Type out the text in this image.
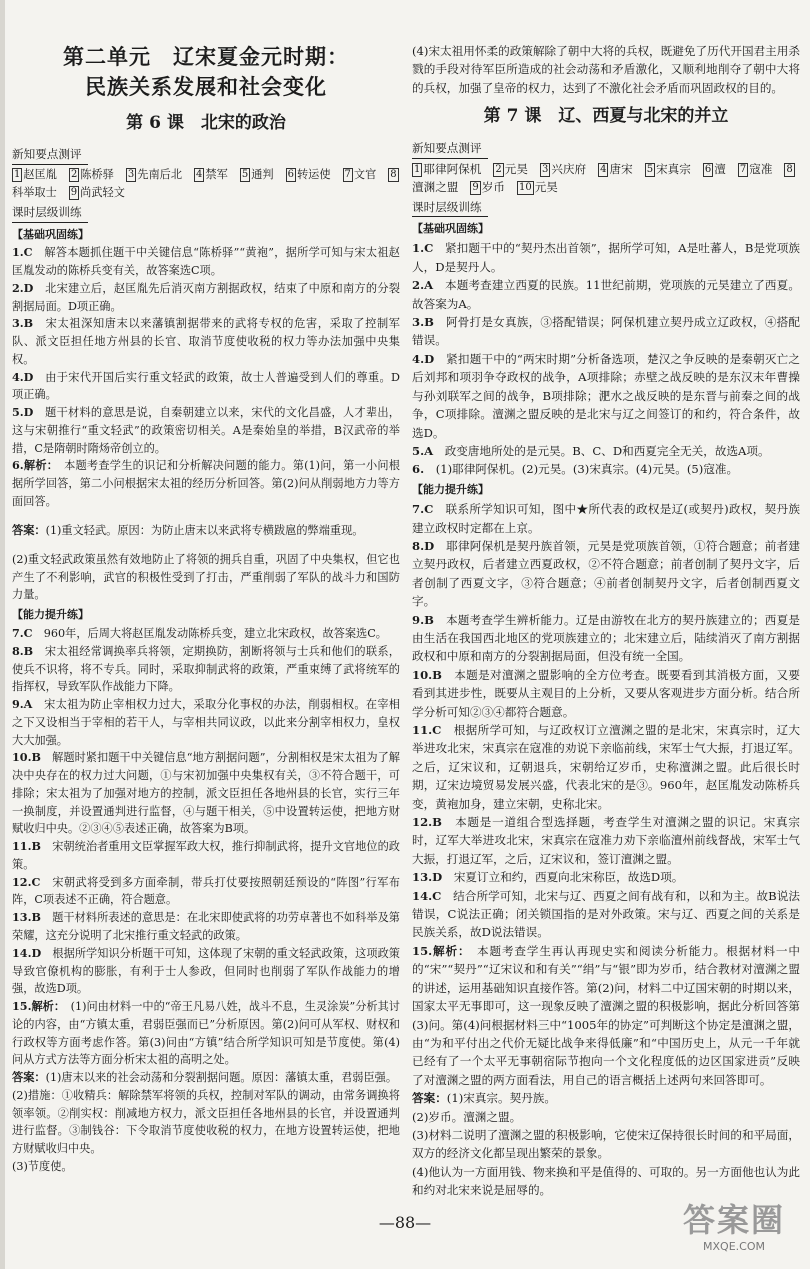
第二单元　辽宋夏金元时期：
民族关系发展和社会变化
第 6 课　北宋的政治
新知要点测评
1 赵匡胤 2 陈桥驿 3 先南后北 4 禁军 5 通判 6 转运使 7 文官 8科举取士 9 尚武轻文
课时层级训练
【基础巩固练】

1.C　解答本题抓住题干中关键信息“陈桥驿”“黄袍”，据所学可知与宋太祖赵匡胤发动的陈桥兵变有关，故答案选C项。

2.D　北宋建立后，赵匡胤先后消灭南方割据政权，结束了中原和南方的分裂割据局面。D项正确。

3.B　宋太祖深知唐末以来藩镇割据带来的武将专权的危害，采取了控制军队、派文臣担任地方州县的长官、取消节度使收税的权力等办法加强中央集权。

4.D　由于宋代开国后实行重文轻武的政策，故士人普遍受到人们的尊重。D项正确。

5.D　题干材料的意思是说，自秦朝建立以来，宋代的文化昌盛，人才辈出，这与宋朝推行“重文轻武”的政策密切相关。A是秦始皇的举措，B汉武帝的举措，C是隋朝时隋炀帝创立的。

6.解析：　本题考查学生的识记和分析解决问题的能力。第(1)问，第一小问根据所学回答，第二小问根据宋太祖的经历分析回答。第(2)问从削弱地方力等方面回答。

答案：(1)重文轻武。原因：为防止唐末以来武将专横跋扈的弊端重现。

(2)重文轻武政策虽然有效地防止了将领的拥兵自重，巩固了中央集权，但它也产生了不利影响，武官的积极性受到了打击，严重削弱了军队的战斗力和国防力量。

【能力提升练】

7.C　960年，后周大将赵匡胤发动陈桥兵变，建立北宋政权，故答案选C。

8.B　宋太祖经常调换率兵将领，定期换防，割断将领与士兵和他们的联系，使兵不识将，将不专兵。同时，采取抑制武将的政策，严重束缚了武将统军的指挥权，导致军队作战能力下降。

9.A　宋太祖为防止宰相权力过大，采取分化事权的办法，削弱相权。在宰相之下又设相当于宰相的若干人，与宰相共同议政，以此来分割宰相权力，皇权大大加强。

10.B　解题时紧扣题干中关键信息“地方割据问题”，分割相权是宋太祖为了解决中央存在的权力过大问题，①与宋初加强中央集权有关，③不符合题干，可排除；宋太祖为了加强对地方的控制，派文臣担任各地州县的长官，实行三年一换制度，并设置通判进行监督，④与题干相关，⑤中设置转运使，把地方财赋收归中央。②③④⑤表述正确，故答案为B项。

11.B　宋朝统治者重用文臣掌握军政大权，推行抑制武将，提升文官地位的政策。

12.C　宋朝武将受到多方面牵制，带兵打仗要按照朝廷预设的“阵图”行军布阵，C项表述不正确，符合题意。

13.B　题干材料所表述的意思是：在北宋即使武将的功劳卓著也不如科举及第荣耀，这充分说明了北宋推行重文轻武的政策。

14.D　根据所学知识分析题干可知，这体现了宋朝的重文轻武政策，这项政策导致官僚机构的膨胀，有利于士人参政，但同时也削弱了军队作战能力的增强，故选D项。

15.解析：　(1)问由材料一中的“帝王凡易八姓，战斗不息，生灵涂炭”分析其讨论的内容，由“方镇太重，君弱臣强而已”分析原因。第(2)问可从军权、财权和行政权等方面考虑作答。第(3)问由“方镇”结合所学知识可知是节度使。第(4)问从方式方法等方面分析宋太祖的高明之处。

答案：(1)唐末以来的社会动荡和分裂割据问题。原因：藩镇太重，君弱臣强。

(2)措施：①收精兵：解除禁军将领的兵权，控制对军队的调动，由常务调换将领率领。②削实权：削减地方权力，派文臣担任各地州县的长官，并设置通判进行监督。③制钱谷：下令取消节度使收税的权力，在地方设置转运使，把地方财赋收归中央。

(3)节度使。

(4)宋太祖用怀柔的政策解除了朝中大将的兵权，既避免了历代开国君主用杀戮的手段对待军臣所造成的社会动荡和矛盾激化，又顺利地削夺了朝中大将的兵权，加强了皇帝的权力，达到了不激化社会矛盾而巩固政权的目的。

第 7 课　辽、西夏与北宋的并立
新知要点测评
1 耶律阿保机 2 元昊 3 兴庆府 4 唐宋 5 宋真宗 6 澶 7 寇准 8澶渊之盟 9 岁币 10 元昊
课时层级训练
【基础巩固练】

1.C　紧扣题干中的“契丹杰出首领”，据所学可知，A是吐蕃人，B是党项族人，D是契丹人。

2.A　本题考查建立西夏的民族。11世纪前期，党项族的元昊建立了西夏。故答案为A。

3.B　阿骨打是女真族，③搭配错误；阿保机建立契丹成立辽政权，④搭配错误。

4.D　紧扣题干中的“两宋时期”分析备选项，楚汉之争反映的是秦朝灭亡之后刘邦和项羽争夺政权的战争，A项排除；赤壁之战反映的是东汉末年曹操与孙刘联军之间的战争，B项排除；淝水之战反映的是东晋与前秦之间的战争，C项排除。澶渊之盟反映的是北宋与辽之间签订的和约，符合条件，故选D。

5.A　政变唐地所处的是元昊。B、C、D和西夏完全无关，故选A项。

6.　(1)耶律阿保机。(2)元昊。(3)宋真宗。(4)元昊。(5)寇准。

【能力提升练】

7.C　联系所学知识可知，图中★所代表的政权是辽(或契丹)政权，契丹族建立政权时定都在上京。

8.D　耶律阿保机是契丹族首领，元昊是党项族首领，①符合题意；前者建立契丹政权，后者建立西夏政权，②不符合题意；前者创制了契丹文字，后者创制了西夏文字，③符合题意；④前者创制契丹文字，后者创制西夏文字。

9.B　本题考查学生辨析能力。辽是由游牧在北方的契丹族建立的；西夏是由生活在我国西北地区的党项族建立的；北宋建立后，陆续消灭了南方割据政权和中原和南方的分裂割据局面，但没有统一全国。

10.B　本题是对澶渊之盟影响的全方位考查。既要看到其消极方面，又要看到其进步性，既要从主观目的上分析，又要从客观进步方面分析。结合所学分析可知②③④都符合题意。

11.C　根据所学可知，与辽政权订立澶渊之盟的是北宋，宋真宗时，辽大举进攻北宋，宋真宗在寇准的劝说下亲临前线，宋军士气大振，打退辽军。之后，辽宋议和，辽朝退兵，宋朝给辽岁币，史称澶渊之盟。此后很长时期，辽宋边境贸易发展兴盛，代表北宋的是③。960年，赵匡胤发动陈桥兵变，黄袍加身，建立宋朝，史称北宋。

12.B　本题是一道组合型选择题，考查学生对澶渊之盟的识记。宋真宗时，辽军大举进攻北宋，宋真宗在寇准力劝下亲临澶州前线督战，宋军士气大振，打退辽军，之后，辽宋议和，签订澶渊之盟。

13.D　宋夏订立和约，西夏向北宋称臣，故选D项。

14.C　结合所学可知，北宋与辽、西夏之间有战有和，以和为主。故B说法错误，C说法正确；闭关锁国指的是对外政策。宋与辽、西夏之间的关系是民族关系，故D说法错误。

15.解析：　本题考查学生再认再现史实和阅读分析能力。根据材料一中的“宋”“契丹”“辽宋议和和有关”“绢”与“银”即为岁币，结合教材对澶渊之盟的讲述，运用基础知识直接作答。第(2)问，材料二中辽国宋朝的时期以来，国家太平无事即可，这一现象反映了澶渊之盟的积极影响，据此分析回答第(3)问。第(4)问根据材料三中“1005年的协定”可判断这个协定是澶渊之盟，由“为和平付出之代价无疑比战争来得低廉”和“中国历史上，从元一千年就已经有了一个太平无事朝宿际节抱向一个文化程度低的边区国家进贡”反映了对澶渊之盟的两方面看法，用自己的语言概括上述两句来回答即可。

答案：(1)宋真宗。契丹族。

(2)岁币。澶渊之盟。

(3)材料二说明了澶渊之盟的积极影响，它使宋辽保持很长时间的和平局面，双方的经济文化都呈现出繁荣的景象。

(4)他认为一方面用钱、物来换和平是值得的、可取的。另一方面他也认为此和约对北宋来说是屈辱的。

—88—	答案圈
MXQE.COM
